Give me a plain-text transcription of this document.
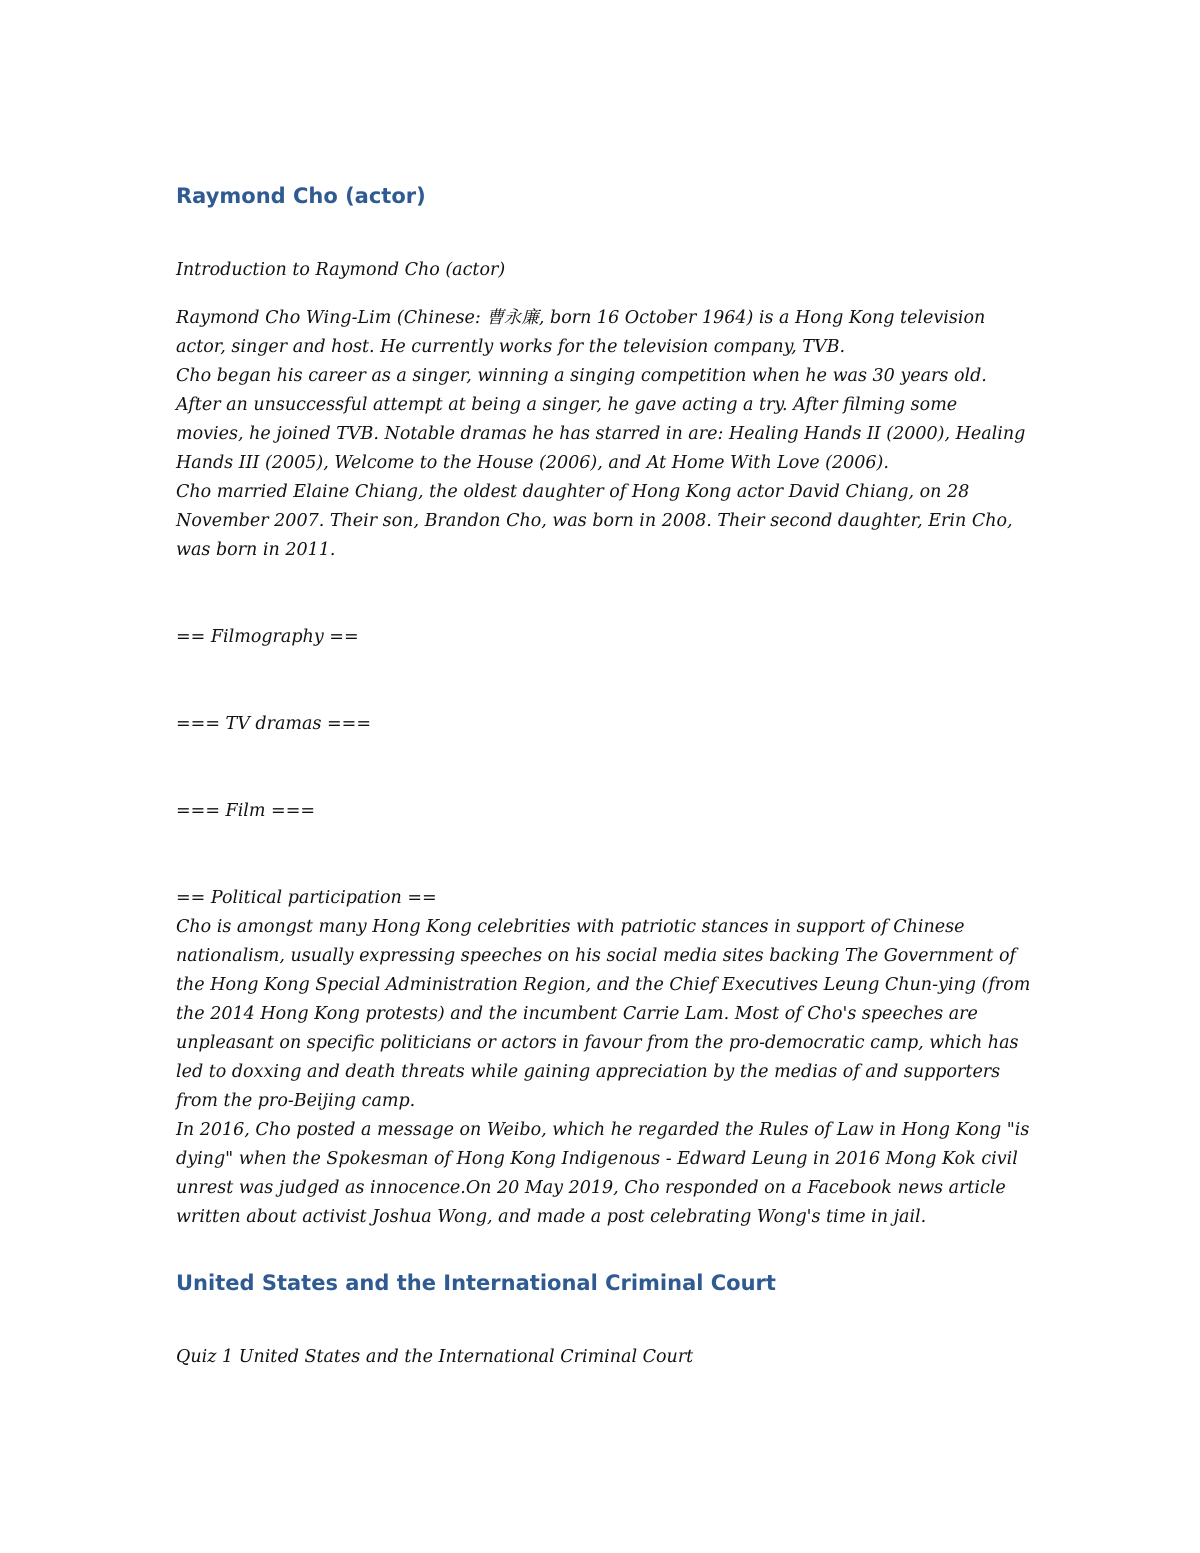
Raymond Cho (actor)

Introduction to Raymond Cho (actor)

Raymond Cho Wing-Lim (Chinese: 曹永廉, born 16 October 1964) is a Hong Kong television
actor, singer and host. He currently works for the television company, TVB.
Cho began his career as a singer, winning a singing competition when he was 30 years old.
After an unsuccessful attempt at being a singer, he gave acting a try. After filming some
movies, he joined TVB. Notable dramas he has starred in are: Healing Hands II (2000), Healing
Hands III (2005), Welcome to the House (2006), and At Home With Love (2006).
Cho married Elaine Chiang, the oldest daughter of Hong Kong actor David Chiang, on 28
November 2007. Their son, Brandon Cho, was born in 2008. Their second daughter, Erin Cho,
was born in 2011.

== Filmography ==

=== TV dramas ===

=== Film ===

== Political participation ==
Cho is amongst many Hong Kong celebrities with patriotic stances in support of Chinese
nationalism, usually expressing speeches on his social media sites backing The Government of
the Hong Kong Special Administration Region, and the Chief Executives Leung Chun-ying (from
the 2014 Hong Kong protests) and the incumbent Carrie Lam. Most of Cho's speeches are
unpleasant on specific politicians or actors in favour from the pro-democratic camp, which has
led to doxxing and death threats while gaining appreciation by the medias of and supporters
from the pro-Beijing camp.
In 2016, Cho posted a message on Weibo, which he regarded the Rules of Law in Hong Kong "is
dying" when the Spokesman of Hong Kong Indigenous - Edward Leung in 2016 Mong Kok civil
unrest was judged as innocence.On 20 May 2019, Cho responded on a Facebook news article
written about activist Joshua Wong, and made a post celebrating Wong's time in jail.
United States and the International Criminal Court

Quiz 1 United States and the International Criminal Court
